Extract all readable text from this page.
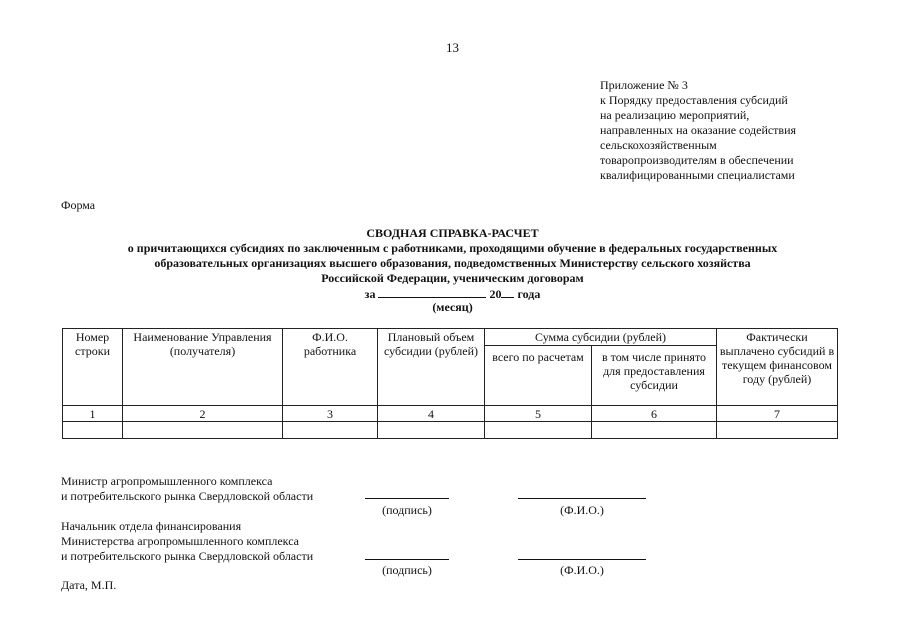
13
Приложение № 3
к Порядку предоставления субсидий
на реализацию мероприятий,
направленных на оказание содействия
сельскохозяйственным
товаропроизводителям в обеспечении
квалифицированными специалистами
Форма
СВОДНАЯ СПРАВКА-РАСЧЕТ
о причитающихся субсидиях по заключенным с работниками, проходящими обучение в федеральных государственных
образовательных организациях высшего образования, подведомственных Министерству сельского хозяйства
Российской Федерации, ученическим договорам
за	20 года
(месяц)
Номер строки	Наименование Управления (получателя)	Ф.И.О. работника	Плановый объем субсидии (рублей)	Сумма субсидии (рублей)		Фактически выплачено субсидий в текущем финансовом году (рублей)
				всего по расчетам	в том числе принято для предоставления субсидии	
1	2	3	4	5	6	7

Министр агропромышленного комплекса
и потребительского рынка Свердловской области
(подпись)	(Ф.И.О.)
Начальник отдела финансирования
Министерства агропромышленного комплекса
и потребительского рынка Свердловской области
(подпись)	(Ф.И.О.)
Дата, М.П.
